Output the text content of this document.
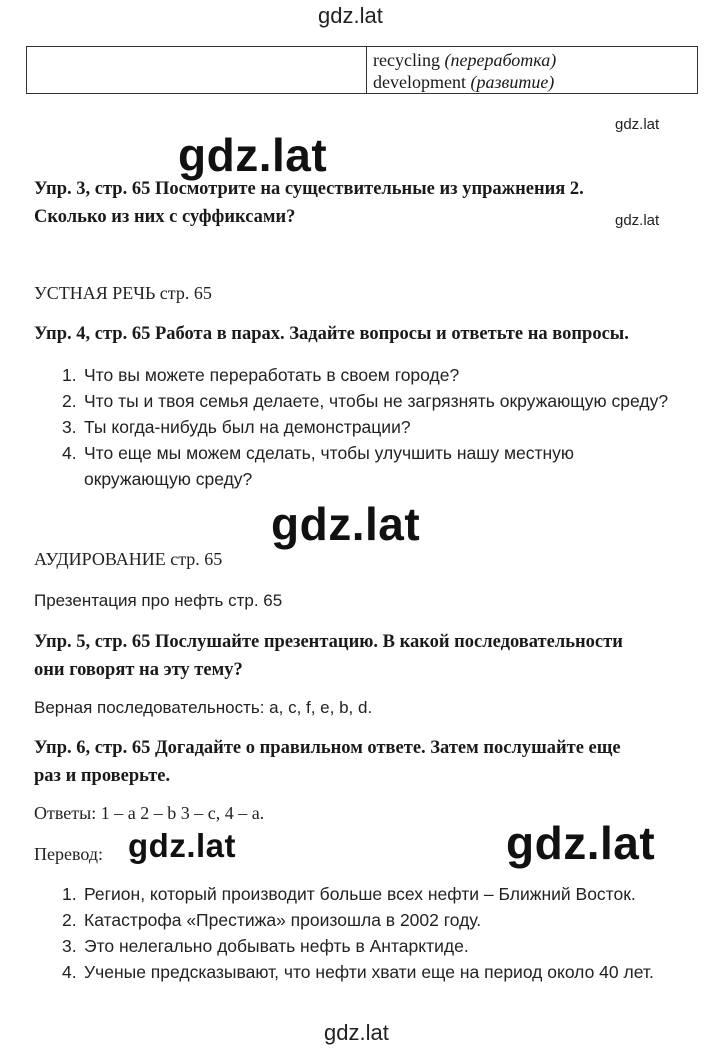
gdz.lat
recycling (переработка)
development (развитие)
gdz.lat
gdz.lat
Упр. 3, стр. 65 Посмотрите на существительные из упражнения 2.
Сколько из них с суффиксами?
gdz.lat
УСТНАЯ РЕЧЬ стр. 65
Упр. 4, стр. 65 Работа в парах. Задайте вопросы и ответьте на вопросы.
1. Что вы можете переработать в своем городе?
2. Что ты и твоя семья делаете, чтобы не загрязнять окружающую среду?
3. Ты когда-нибудь был на демонстрации?
4. Что еще мы можем сделать, чтобы улучшить нашу местную
окружающую среду?
gdz.lat
АУДИРОВАНИЕ стр. 65
Презентация про нефть стр. 65
Упр. 5, стр. 65 Послушайте презентацию. В какой последовательности
они говорят на эту тему?
Верная последовательность: a, c, f, e, b, d.
Упр. 6, стр. 65 Догадайте о правильном ответе. Затем послушайте еще
раз и проверьте.
Ответы: 1 – a 2 – b 3 – c, 4 – a.
Перевод: gdz.lat	gdz.lat
1. Регион, который производит больше всех нефти – Ближний Восток.
2. Катастрофа «Престижа» произошла в 2002 году.
3. Это нелегально добывать нефть в Антарктиде.
4. Ученые предсказывают, что нефти хвати еще на период около 40 лет.
gdz.lat
